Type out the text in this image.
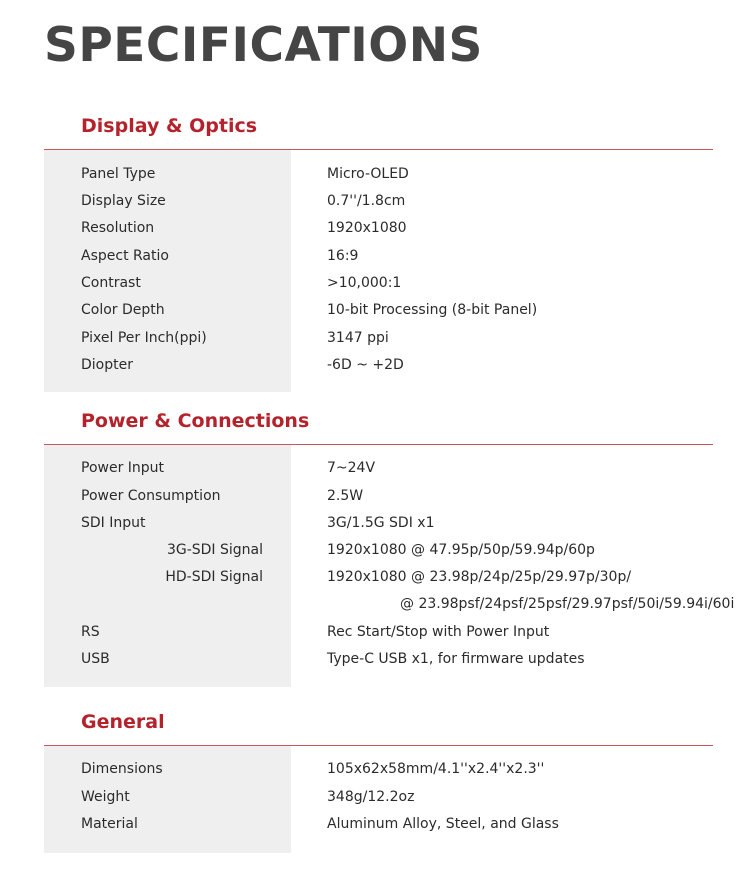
SPECIFICATIONS
Display & Optics
Panel Type	Micro-OLED
Display Size	0.7''/1.8cm
Resolution	1920x1080
Aspect Ratio	16:9
Contrast	>10,000:1
Color Depth	10-bit Processing (8-bit Panel)
Pixel Per Inch(ppi)	3147 ppi
Diopter	-6D ~ +2D
Power & Connections
Power Input	7~24V
Power Consumption	2.5W
SDI Input	3G/1.5G SDI x1
3G-SDI Signal	1920x1080 @ 47.95p/50p/59.94p/60p
HD-SDI Signal	1920x1080 @ 23.98p/24p/25p/29.97p/30p/
@ 23.98psf/24psf/25psf/29.97psf/50i/59.94i/60i
RS	Rec Start/Stop with Power Input
USB	Type-C USB x1, for firmware updates
General
Dimensions	105x62x58mm/4.1''x2.4''x2.3''
Weight	348g/12.2oz
Material	Aluminum Alloy, Steel, and Glass
